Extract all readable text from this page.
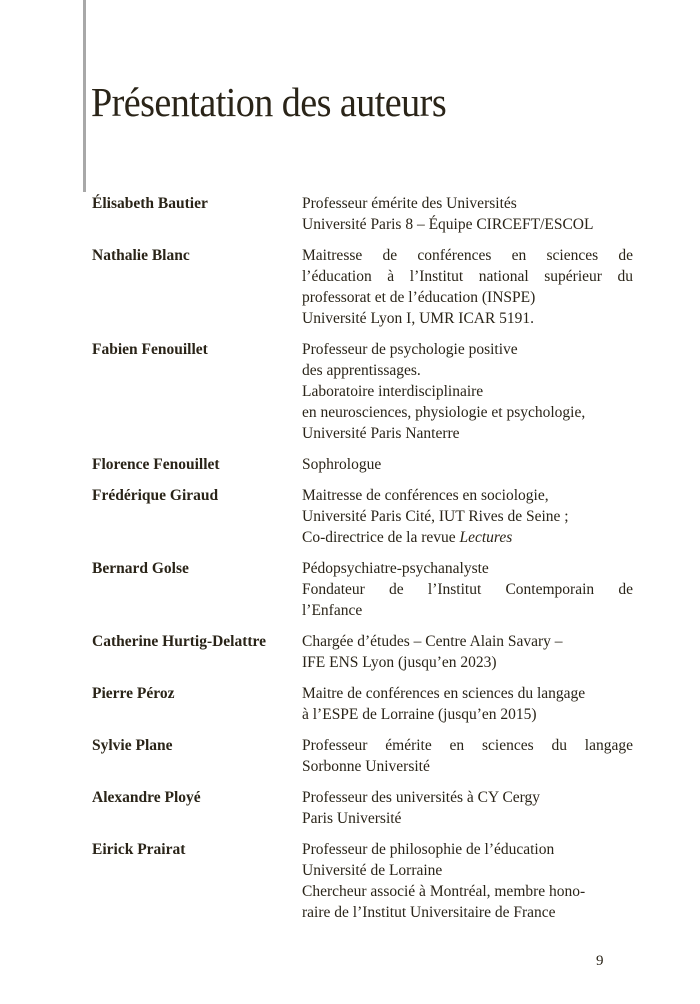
Présentation des auteurs
Élisabeth Bautier	Professeur émérite des Universités
Université Paris 8 – Équipe CIRCEFT/ESCOL
Nathalie Blanc	Maitresse de conférences en sciences de
l’éducation à l’Institut national supérieur du
professorat et de l’éducation (INSPE)
Université Lyon I, UMR ICAR 5191.
Fabien Fenouillet	Professeur de psychologie positive
des apprentissages.
Laboratoire interdisciplinaire
en neurosciences, physiologie et psychologie,
Université Paris Nanterre
Florence Fenouillet	Sophrologue
Frédérique Giraud	Maitresse de conférences en sociologie,
Université Paris Cité, IUT Rives de Seine ;
Co-directrice de la revue Lectures
Bernard Golse	Pédopsychiatre-psychanalyste
Fondateur de l’Institut Contemporain de
l’Enfance
Catherine Hurtig-Delattre	Chargée d’études – Centre Alain Savary –
IFE ENS Lyon (jusqu’en 2023)
Pierre Péroz	Maitre de conférences en sciences du langage
à l’ESPE de Lorraine (jusqu’en 2015)
Sylvie Plane	Professeur émérite en sciences du langage
Sorbonne Université
Alexandre Ployé	Professeur des universités à CY Cergy
Paris Université
Eirick Prairat	Professeur de philosophie de l’éducation
Université de Lorraine
Chercheur associé à Montréal, membre hono-
raire de l’Institut Universitaire de France
9
